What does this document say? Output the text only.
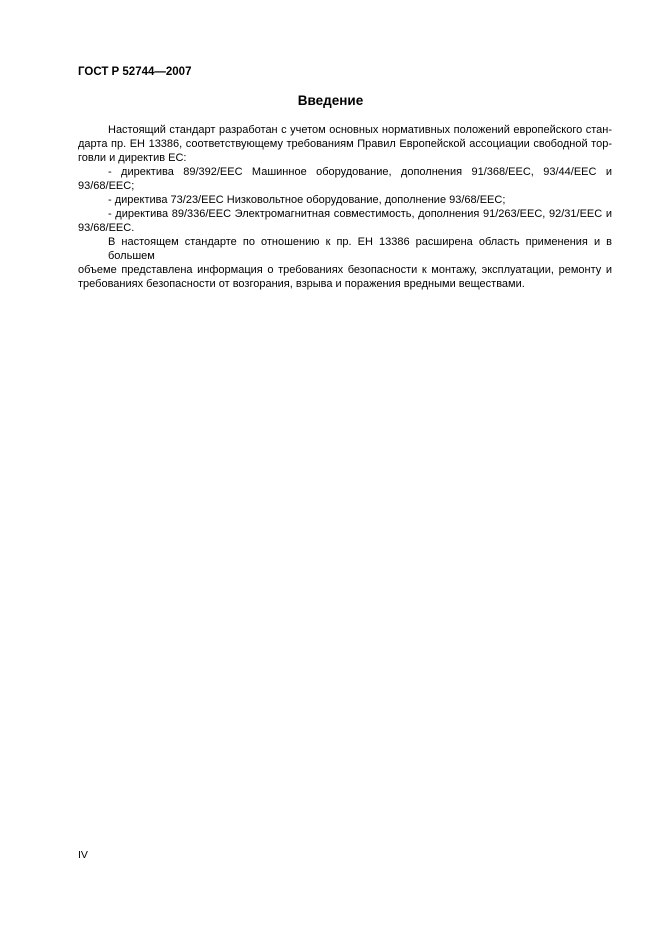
ГОСТ Р 52744—2007
Введение
Настоящий стандарт разработан с учетом основных нормативных положений европейского стан-
дарта пр. ЕН 13386, соответствующему требованиям Правил Европейской ассоциации свободной тор-
говли и директив ЕС:
- директива 89/392/ЕЕС Машинное оборудование, дополнения 91/368/ЕЕС, 93/44/ЕЕС и
93/68/ЕЕС;
- директива 73/23/ЕЕС Низковольтное оборудование, дополнение 93/68/ЕЕС;
- директива 89/336/ЕЕС Электромагнитная совместимость, дополнения 91/263/ЕЕС, 92/31/ЕЕС и
93/68/ЕЕС.
В настоящем стандарте по отношению к пр. ЕН 13386 расширена область применения и в большем
объеме представлена информация о требованиях безопасности к монтажу, эксплуатации, ремонту и
требованиях безопасности от возгорания, взрыва и поражения вредными веществами.
IV
